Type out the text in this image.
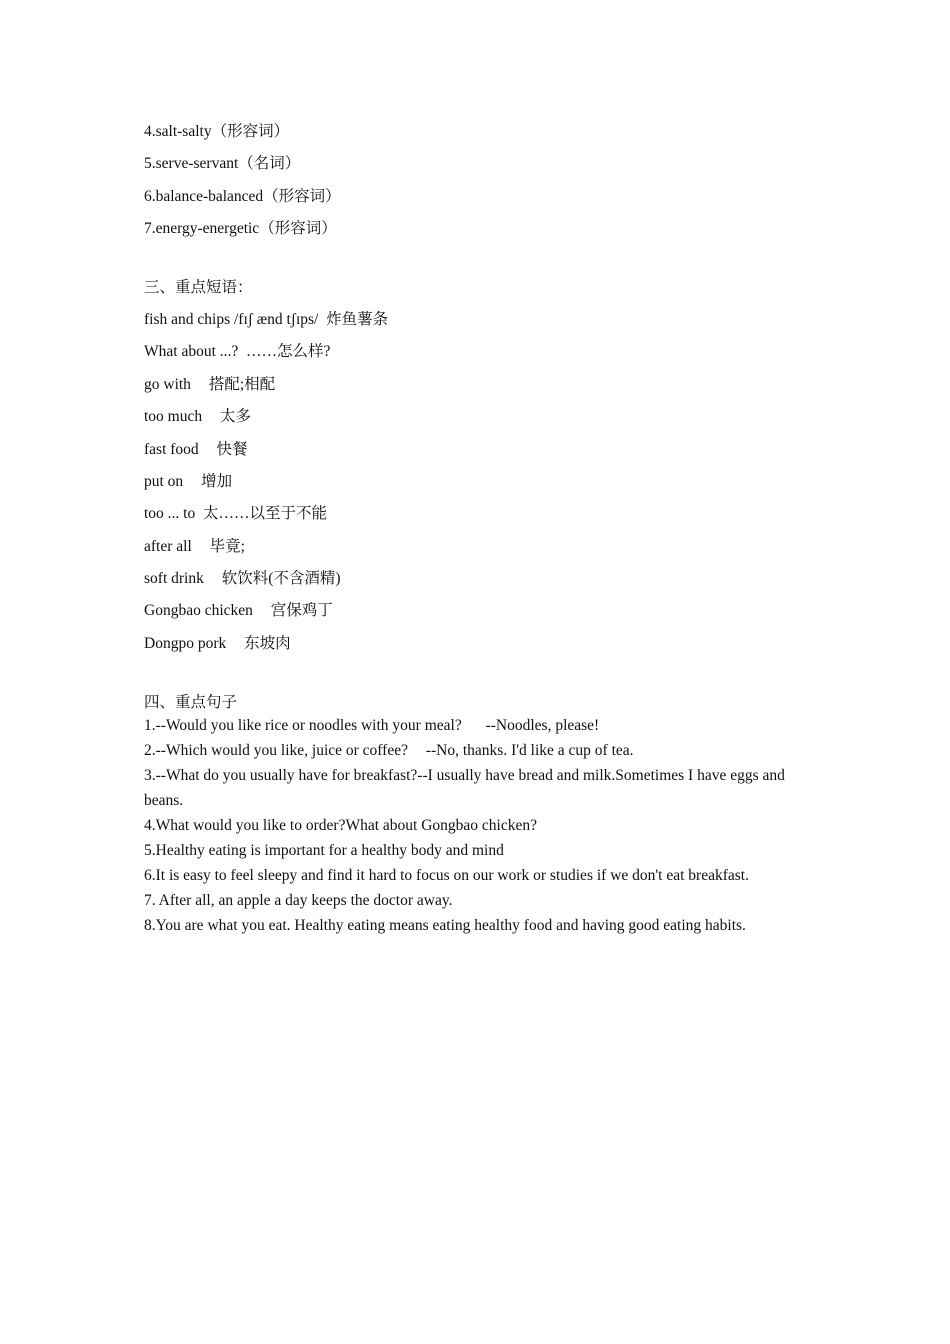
4.salt-salty（形容词）
5.serve-servant（名词）
6.balance-balanced（形容词）
7.energy-energetic（形容词）
三、重点短语：
fish and chips /fɪʃ ænd tʃɪps/ 炸鱼薯条
What about ...? ……怎么样?
go with 搭配;相配
too much 太多
fast food 快餐
put on 增加
too ... to 太……以至于不能
after all 毕竟;
soft drink 软饮料(不含酒精)
Gongbao chicken 宫保鸡丁
Dongpo pork 东坡肉
四、重点句子
1.--Would you like rice or noodles with your meal? --Noodles, please!
2.--Which would you like, juice or coffee? --No, thanks. I'd like a cup of tea.
3.--What do you usually have for breakfast?--I usually have bread and milk.Sometimes I have eggs and beans.
4.What would you like to order?What about Gongbao chicken?
5.Healthy eating is important for a healthy body and mind
6.It is easy to feel sleepy and find it hard to focus on our work or studies if we don't eat breakfast.
7. After all, an apple a day keeps the doctor away.
8.You are what you eat. Healthy eating means eating healthy food and having good eating habits.
